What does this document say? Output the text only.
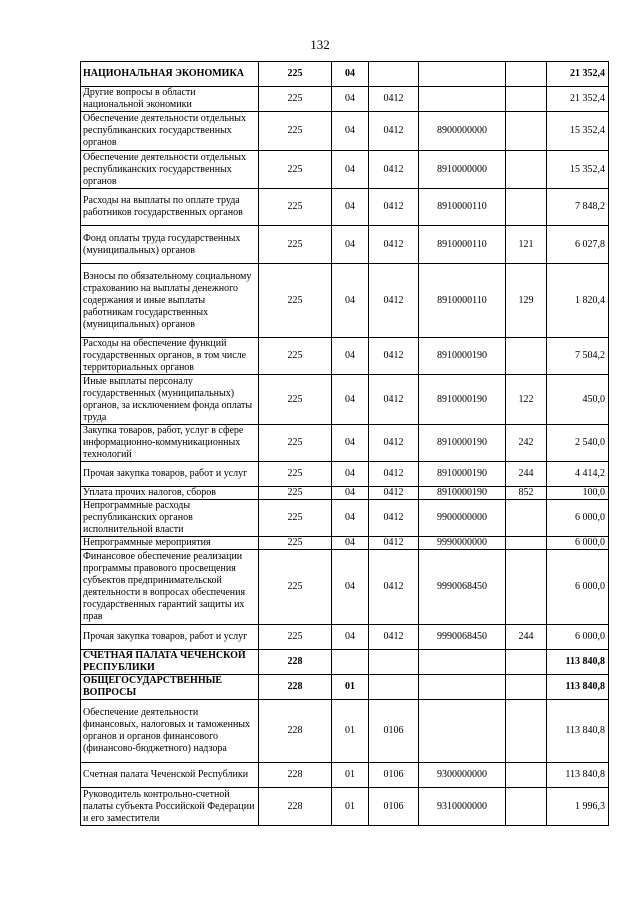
132
НАЦИОНАЛЬНАЯ ЭКОНОМИКА	225	04				21 352,4
Другие вопросы в области национальной экономики	225	04	0412			21 352,4
Обеспечение деятельности отдельных республиканских государственных органов	225	04	0412	8900000000		15 352,4
Обеспечение деятельности отдельных республиканских государственных органов	225	04	0412	8910000000		15 352,4
Расходы на выплаты по оплате труда работников государственных органов	225	04	0412	8910000110		7 848,2
Фонд оплаты труда государственных (муниципальных) органов	225	04	0412	8910000110	121	6 027,8
Взносы по обязательному социальному страхованию на выплаты денежного содержания и иные выплаты работникам государственных (муниципальных) органов	225	04	0412	8910000110	129	1 820,4
Расходы на обеспечение функций государственных органов, в том числе территориальных органов	225	04	0412	8910000190		7 504,2
Иные выплаты персоналу государственных (муниципальных) органов, за исключением фонда оплаты труда	225	04	0412	8910000190	122	450,0
Закупка товаров, работ, услуг в сфере информационно-коммуникационных технологий	225	04	0412	8910000190	242	2 540,0
Прочая закупка товаров, работ и услуг	225	04	0412	8910000190	244	4 414,2
Уплата прочих налогов, сборов	225	04	0412	8910000190	852	100,0
Непрограммные расходы республиканских органов исполнительной власти	225	04	0412	9900000000		6 000,0
Непрограммные мероприятия	225	04	0412	9990000000		6 000,0
Финансовое обеспечение реализации программы правового просвещения субъектов предпринимательской деятельности в вопросах обеспечения государственных гарантий защиты их прав	225	04	0412	9990068450		6 000,0
Прочая закупка товаров, работ и услуг	225	04	0412	9990068450	244	6 000,0
СЧЕТНАЯ ПАЛАТА ЧЕЧЕНСКОЙ РЕСПУБЛИКИ	228					113 840,8
ОБЩЕГОСУДАРСТВЕННЫЕ ВОПРОСЫ	228	01				113 840,8
Обеспечение деятельности финансовых, налоговых и таможенных органов и органов финансового (финансово-бюджетного) надзора	228	01	0106			113 840,8
Счетная палата Чеченской Республики	228	01	0106	9300000000		113 840,8
Руководитель контрольно-счетной палаты субъекта Российской Федерации и его заместители	228	01	0106	9310000000		1 996,3
